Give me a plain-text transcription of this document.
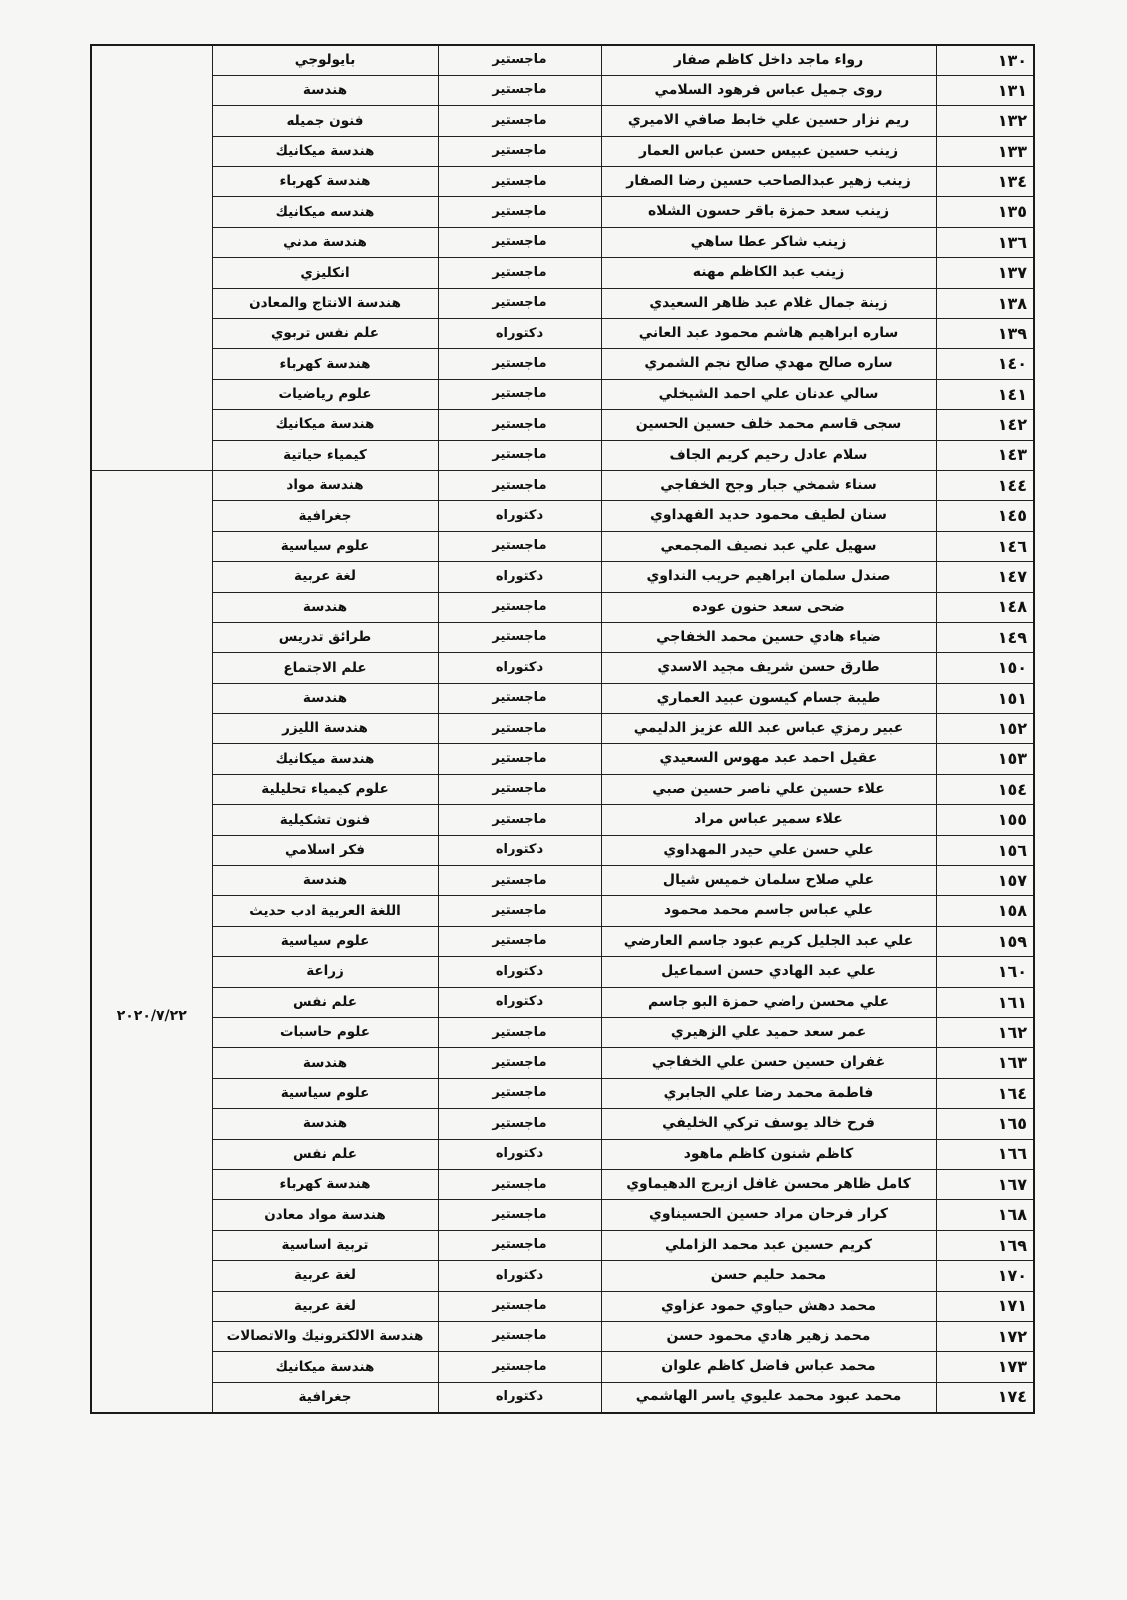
١٣٠	رواء ماجد داخل كاظم صفار	ماجستير	بايولوجي	
١٣١	روى جميل عباس فرهود السلامي	ماجستير	هندسة	
١٣٢	ريم نزار حسين علي خابط صافي الاميري	ماجستير	فنون جميله	
١٣٣	زينب حسين عبيس حسن عباس العمار	ماجستير	هندسة ميكانيك	
١٣٤	زينب زهير عبدالصاحب حسين رضا الصفار	ماجستير	هندسة كهرباء	
١٣٥	زينب سعد حمزة باقر حسون الشلاه	ماجستير	هندسه ميكانيك	
١٣٦	زينب شاكر عطا ساهي	ماجستير	هندسة مدني	
١٣٧	زينب عبد الكاظم مهنه	ماجستير	انكليزي	
١٣٨	زينة جمال غلام عبد ظاهر السعيدي	ماجستير	هندسة الانتاج والمعادن	
١٣٩	ساره ابراهيم هاشم محمود عبد العاني	دكتوراه	علم نفس تربوي	
١٤٠	ساره صالح مهدي صالح نجم الشمري	ماجستير	هندسة كهرباء	
١٤١	سالي عدنان علي احمد الشيخلي	ماجستير	علوم رياضيات	
١٤٢	سجى قاسم محمد خلف حسين الحسين	ماجستير	هندسة ميكانيك	
١٤٣	سلام عادل رحيم كريم الجاف	ماجستير	كيمياء حياتية	
١٤٤	سناء شمخي جبار وجح الخفاجي	ماجستير	هندسة مواد	٢٠٢٠/٧/٢٢
١٤٥	سنان لطيف محمود حديد الفهداوي	دكتوراه	جغرافية	
١٤٦	سهيل علي عبد نصيف المجمعي	ماجستير	علوم سياسية	
١٤٧	صندل سلمان ابراهيم حريب النداوي	دكتوراه	لغة عربية	
١٤٨	ضحى سعد حنون عوده	ماجستير	هندسة	
١٤٩	ضياء هادي حسين محمد الخفاجي	ماجستير	طرائق تدريس	
١٥٠	طارق حسن شريف مجيد الاسدي	دكتوراه	علم الاجتماع	
١٥١	طيبة جسام كيسون عبيد العماري	ماجستير	هندسة	
١٥٢	عبير رمزي عباس عبد الله عزيز الدليمي	ماجستير	هندسة الليزر	
١٥٣	عقيل احمد عبد مهوس السعيدي	ماجستير	هندسة ميكانيك	
١٥٤	علاء حسين علي ناصر حسين صبي	ماجستير	علوم كيمياء تحليلية	
١٥٥	علاء سمير عباس مراد	ماجستير	فنون تشكيلية	
١٥٦	علي حسن علي حيدر المهداوي	دكتوراه	فكر اسلامي	
١٥٧	علي صلاح سلمان خميس شيال	ماجستير	هندسة	
١٥٨	علي عباس جاسم محمد محمود	ماجستير	اللغة العربية ادب حديث	
١٥٩	علي عبد الجليل كريم عبود جاسم العارضي	ماجستير	علوم سياسية	
١٦٠	علي عبد الهادي حسن اسماعيل	دكتوراه	زراعة	
١٦١	علي محسن راضي حمزة البو جاسم	دكتوراه	علم نفس	
١٦٢	عمر سعد حميد علي الزهيري	ماجستير	علوم حاسبات	
١٦٣	غفران حسين حسن علي الخفاجي	ماجستير	هندسة	
١٦٤	فاطمة محمد رضا علي الجابري	ماجستير	علوم سياسية	
١٦٥	فرح خالد يوسف تركي الخليفي	ماجستير	هندسة	
١٦٦	كاظم شنون كاظم ماهود	دكتوراه	علم نفس	
١٦٧	كامل ظاهر محسن غافل ازيرج الدهيماوي	ماجستير	هندسة كهرباء	
١٦٨	كرار فرحان مراد حسين الحسيناوي	ماجستير	هندسة مواد معادن	
١٦٩	كريم حسين عبد محمد الزاملي	ماجستير	تربية اساسية	
١٧٠	محمد حليم حسن	دكتوراه	لغة عربية	
١٧١	محمد دهش حياوي حمود عزاوي	ماجستير	لغة عربية	
١٧٢	محمد زهير هادي محمود حسن	ماجستير	هندسة الالكترونيك والاتصالات	
١٧٣	محمد عباس فاضل كاظم علوان	ماجستير	هندسة ميكانيك	
١٧٤	محمد عبود محمد عليوي ياسر الهاشمي	دكتوراه	جغرافية	
